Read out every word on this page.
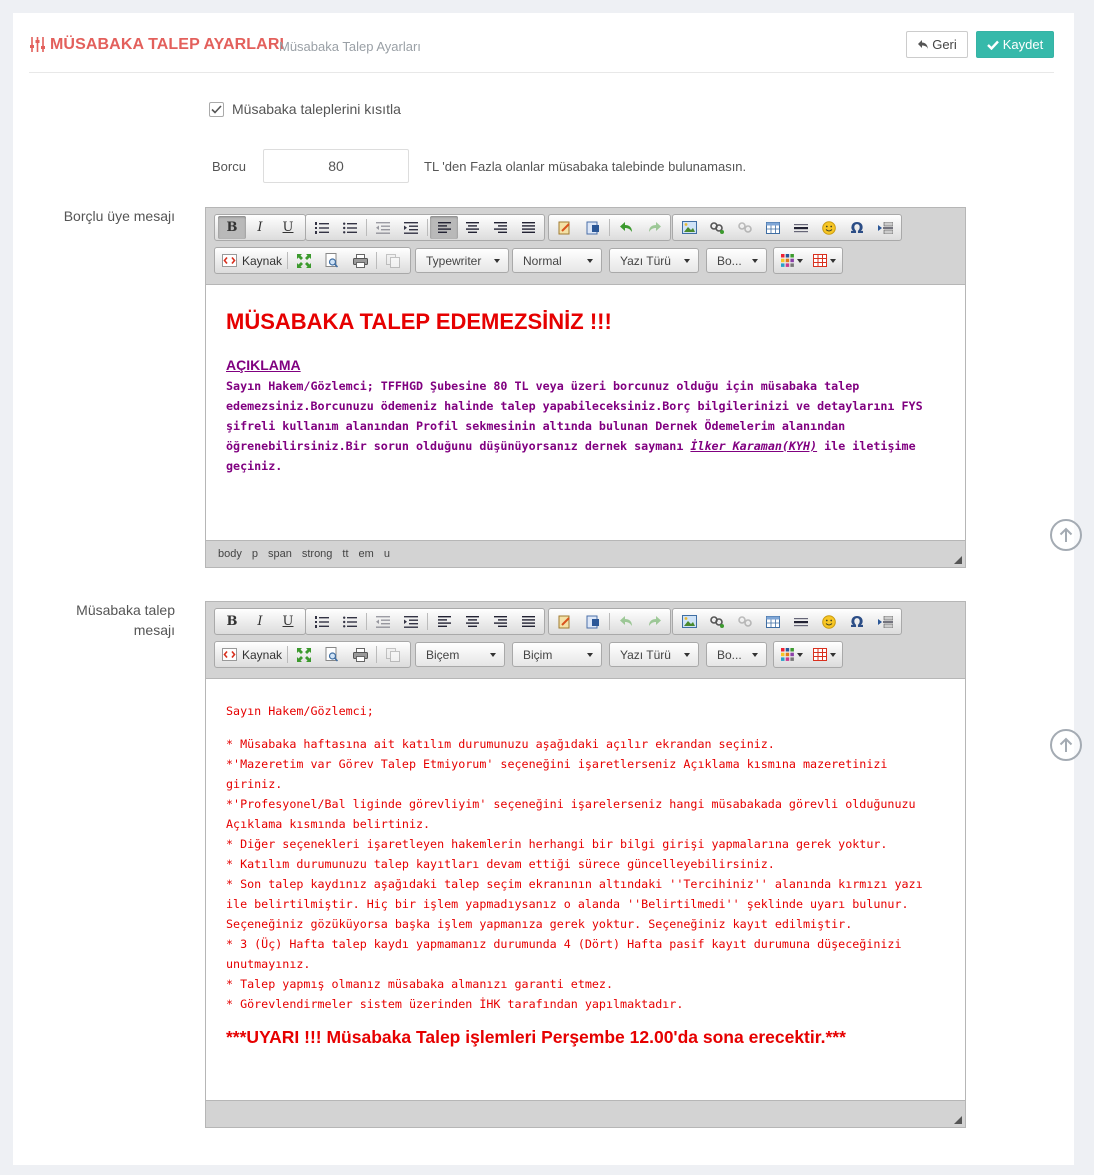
MÜSABAKA TALEP AYARLARI
Müsabaka Talep Ayarları	Geri	Kaydet
Müsabaka taleplerini kısıtla
Borcu
80	TL 'den Fazla olanlar müsabaka talebinde bulunamasın.
Borçlu üye mesajı
B I U	Ω
Kaynak	Typewriter	Normal	Yazı Türü	Bo...
MÜSABAKA TALEP EDEMEZSİNİZ !!!
AÇIKLAMA
Sayın Hakem/Gözlemci; TFFHGD Şubesine 80 TL veya üzeri borcunuz olduğu için müsabaka talep edemezsiniz.Borcunuzu ödemeniz halinde talep yapabileceksiniz.Borç bilgilerinizi ve detaylarını FYS şifreli kullanım alanından Profil sekmesinin altında bulunan Dernek Ödemelerim alanından öğrenebilirsiniz.Bir sorun olduğunu düşünüyorsanız dernek saymanı İlker Karaman(KYH) ile iletişime geçiniz.
body p span strong tt em u
Müsabaka talep
mesajı
B I U	Ω
Kaynak	Biçem	Biçim	Yazı Türü	Bo...
Sayın Hakem/Gözlemci;
* Müsabaka haftasına ait katılım durumunuzu aşağıdaki açılır ekrandan seçiniz.
*'Mazeretim var Görev Talep Etmiyorum' seçeneğini işaretlerseniz Açıklama kısmına mazeretinizi giriniz.
*'Profesyonel/Bal liginde görevliyim' seçeneğini işarelerseniz hangi müsabakada görevli olduğunuzu Açıklama kısmında belirtiniz.
* Diğer seçenekleri işaretleyen hakemlerin herhangi bir bilgi girişi yapmalarına gerek yoktur.
* Katılım durumunuzu talep kayıtları devam ettiği sürece güncelleyebilirsiniz.
* Son talep kaydınız aşağıdaki talep seçim ekranının altındaki ''Tercihiniz'' alanında kırmızı yazı ile belirtilmiştir. Hiç bir işlem yapmadıysanız o alanda ''Belirtilmedi'' şeklinde uyarı bulunur. Seçeneğiniz gözüküyorsa başka işlem yapmanıza gerek yoktur. Seçeneğiniz kayıt edilmiştir.
* 3 (Üç) Hafta talep kaydı yapmamanız durumunda 4 (Dört) Hafta pasif kayıt durumuna düşeceğinizi unutmayınız.
* Talep yapmış olmanız müsabaka almanızı garanti etmez.
* Görevlendirmeler sistem üzerinden İHK tarafından yapılmaktadır.
***UYARI !!! Müsabaka Talep işlemleri Perşembe 12.00'da sona erecektir.***
